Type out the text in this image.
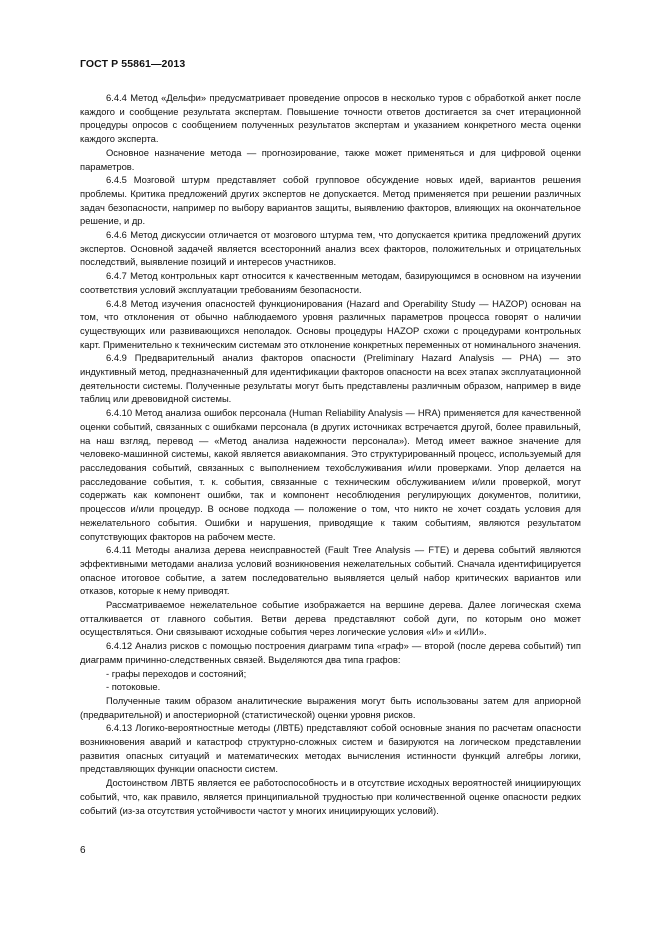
ГОСТ Р 55861—2013

6.4.4 Метод «Дельфи» предусматривает проведение опросов в несколько туров с обработкой анкет после каждого и сообщение результата экспертам. Повышение точности ответов достигается за счет итерационной процедуры опросов с сообщением полученных результатов экспертам и указанием конкретного места оценки каждого эксперта.

Основное назначение метода — прогнозирование, также может применяться и для цифровой оценки параметров.

6.4.5 Мозговой штурм представляет собой групповое обсуждение новых идей, вариантов решения проблемы. Критика предложений других экспертов не допускается. Метод применяется при решении различных задач безопасности, например по выбору вариантов защиты, выявлению факторов, влияющих на окончательное решение, и др.

6.4.6 Метод дискуссии отличается от мозгового штурма тем, что допускается критика предложений других экспертов. Основной задачей является всесторонний анализ всех факторов, положительных и отрицательных последствий, выявление позиций и интересов участников.

6.4.7 Метод контрольных карт относится к качественным методам, базирующимся в основном на изучении соответствия условий эксплуатации требованиям безопасности.

6.4.8 Метод изучения опасностей функционирования (Hazard and Operability Study — HAZOP) основан на том, что отклонения от обычно наблюдаемого уровня различных параметров процесса говорят о наличии существующих или развивающихся неполадок. Основы процедуры HAZOP схожи с процедурами контрольных карт. Применительно к техническим системам это отклонение конкретных переменных от номинального значения.

6.4.9 Предварительный анализ факторов опасности (Preliminary Hazard Analysis — PHA) — это индуктивный метод, предназначенный для идентификации факторов опасности на всех этапах эксплуатационной деятельности системы. Полученные результаты могут быть представлены различным образом, например в виде таблиц или древовидной системы.

6.4.10 Метод анализа ошибок персонала (Human Reliability Analysis — HRA) применяется для качественной оценки событий, связанных с ошибками персонала (в других источниках встречается другой, более правильный, на наш взгляд, перевод — «Метод анализа надежности персонала»). Метод имеет важное значение для человеко-машинной системы, какой является авиакомпания. Это структурированный процесс, используемый для расследования событий, связанных с выполнением техобслуживания и/или проверками. Упор делается на расследование события, т. к. события, связанные с техническим обслуживанием и/или проверкой, могут содержать как компонент ошибки, так и компонент несоблюдения регулирующих документов, политики, процессов и/или процедур. В основе подхода — положение о том, что никто не хочет создать условия для нежелательного события. Ошибки и нарушения, приводящие к таким событиям, являются результатом сопутствующих факторов на рабочем месте.

6.4.11 Методы анализа дерева неисправностей (Fault Tree Analysis — FTE) и дерева событий являются эффективными методами анализа условий возникновения нежелательных событий. Сначала идентифицируется опасное итоговое событие, а затем последовательно выявляется целый набор критических вариантов или отказов, которые к нему приводят.

Рассматриваемое нежелательное событие изображается на вершине дерева. Далее логическая схема отталкивается от главного события. Ветви дерева представляют собой дуги, по которым оно может осуществляться. Они связывают исходные события через логические условия «И» и «ИЛИ».

6.4.12 Анализ рисков с помощью построения диаграмм типа «граф» — второй (после дерева событий) тип диаграмм причинно-следственных связей. Выделяются два типа графов:

- графы переходов и состояний;

- потоковые.

Полученные таким образом аналитические выражения могут быть использованы затем для априорной (предварительной) и апостериорной (статистической) оценки уровня рисков.

6.4.13 Логико-вероятностные методы (ЛВТБ) представляют собой основные знания по расчетам опасности возникновения аварий и катастроф структурно-сложных систем и базируются на логическом представлении развития опасных ситуаций и математических методах вычисления истинности функций алгебры логики, представляющих функции опасности систем.

Достоинством ЛВТБ является ее работоспособность и в отсутствие исходных вероятностей инициирующих событий, что, как правило, является принципиальной трудностью при количественной оценке опасности редких событий (из-за отсутствия устойчивости частот у многих инициирующих условий).

6
